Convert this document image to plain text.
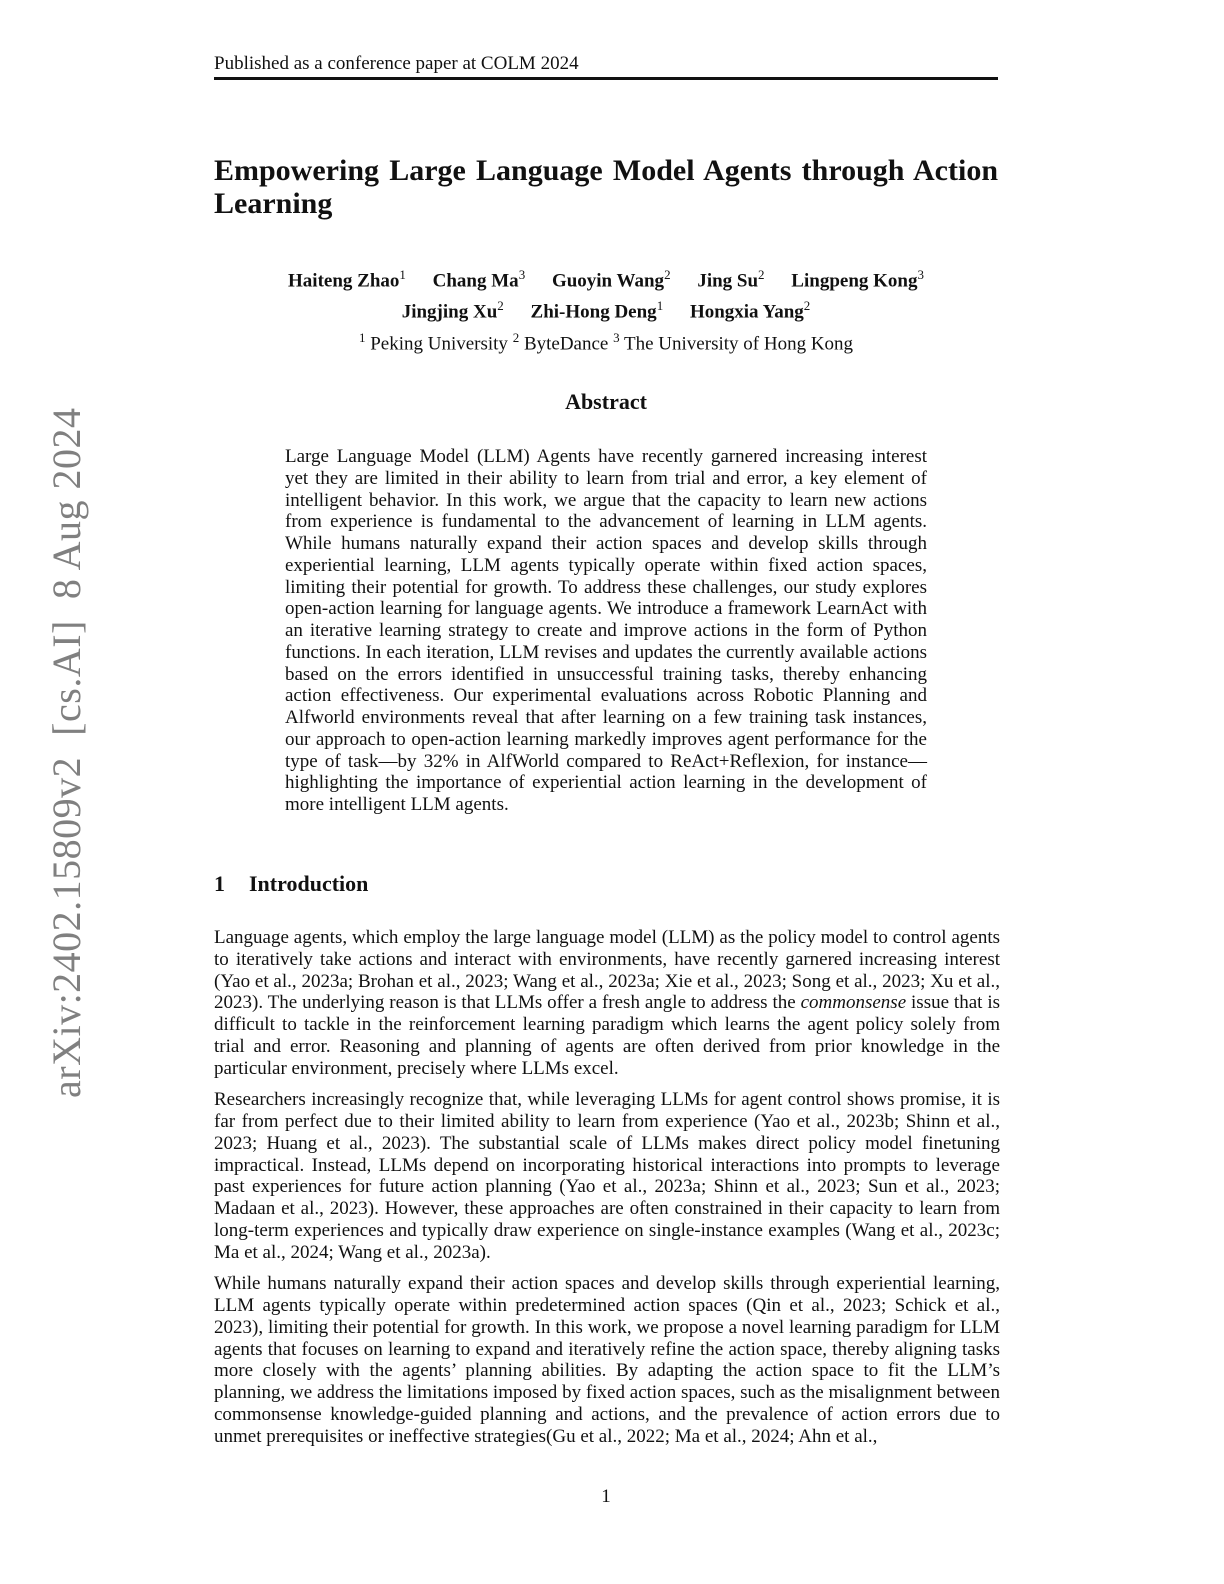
Published as a conference paper at COLM 2024
arXiv:2402.15809v2  [cs.AI]  8 Aug 2024
Empowering Large Language Model Agents through Action Learning
Haiteng Zhao$^1$ Chang Ma$^3$ Guoyin Wang$^2$ Jing Su$^2$ Lingpeng Kong$^3$
Jingjing Xu$^2$ Zhi-Hong Deng$^1$ Hongxia Yang$^2$
$^1$ Peking University $^2$ ByteDance $^3$ The University of Hong Kong
Abstract
Large Language Model (LLM) Agents have recently garnered increasing interest yet they are limited in their ability to learn from trial and error, a key element of intelligent behavior. In this work, we argue that the capacity to learn new actions from experience is fundamental to the advancement of learning in LLM agents. While humans naturally expand their action spaces and develop skills through experiential learning, LLM agents typically operate within fixed action spaces, limiting their potential for growth. To address these challenges, our study explores open-action learning for language agents. We introduce a framework LearnAct with an iterative learning strategy to create and improve actions in the form of Python functions. In each iteration, LLM revises and updates the currently available actions based on the errors identified in unsuccessful training tasks, thereby enhancing action effectiveness. Our experimental evaluations across Robotic Planning and Alfworld environments reveal that after learning on a few training task instances, our approach to open-action learning markedly improves agent performance for the type of task—by 32% in AlfWorld compared to ReAct+Reflexion, for instance—highlighting the importance of experiential action learning in the development of more intelligent LLM agents.
1 Introduction

Language agents, which employ the large language model (LLM) as the policy model to control agents to iteratively take actions and interact with environments, have recently garnered increasing interest (Yao et al., 2023a; Brohan et al., 2023; Wang et al., 2023a; Xie et al., 2023; Song et al., 2023; Xu et al., 2023). The underlying reason is that LLMs offer a fresh angle to address the commonsense issue that is difficult to tackle in the reinforcement learning paradigm which learns the agent policy solely from trial and error. Reasoning and planning of agents are often derived from prior knowledge in the particular environment, precisely where LLMs excel.

Researchers increasingly recognize that, while leveraging LLMs for agent control shows promise, it is far from perfect due to their limited ability to learn from experience (Yao et al., 2023b; Shinn et al., 2023; Huang et al., 2023). The substantial scale of LLMs makes direct policy model finetuning impractical. Instead, LLMs depend on incorporating historical interactions into prompts to leverage past experiences for future action planning (Yao et al., 2023a; Shinn et al., 2023; Sun et al., 2023; Madaan et al., 2023). However, these approaches are often constrained in their capacity to learn from long-term experiences and typically draw experience on single-instance examples (Wang et al., 2023c; Ma et al., 2024; Wang et al., 2023a).

While humans naturally expand their action spaces and develop skills through experiential learning, LLM agents typically operate within predetermined action spaces (Qin et al., 2023; Schick et al., 2023), limiting their potential for growth. In this work, we propose a novel learning paradigm for LLM agents that focuses on learning to expand and iteratively refine the action space, thereby aligning tasks more closely with the agents’ planning abilities. By adapting the action space to fit the LLM’s planning, we address the limitations imposed by fixed action spaces, such as the misalignment between commonsense knowledge-guided planning and actions, and the prevalence of action errors due to unmet prerequisites or ineffective strategies(Gu et al., 2022; Ma et al., 2024; Ahn et al.,

1
